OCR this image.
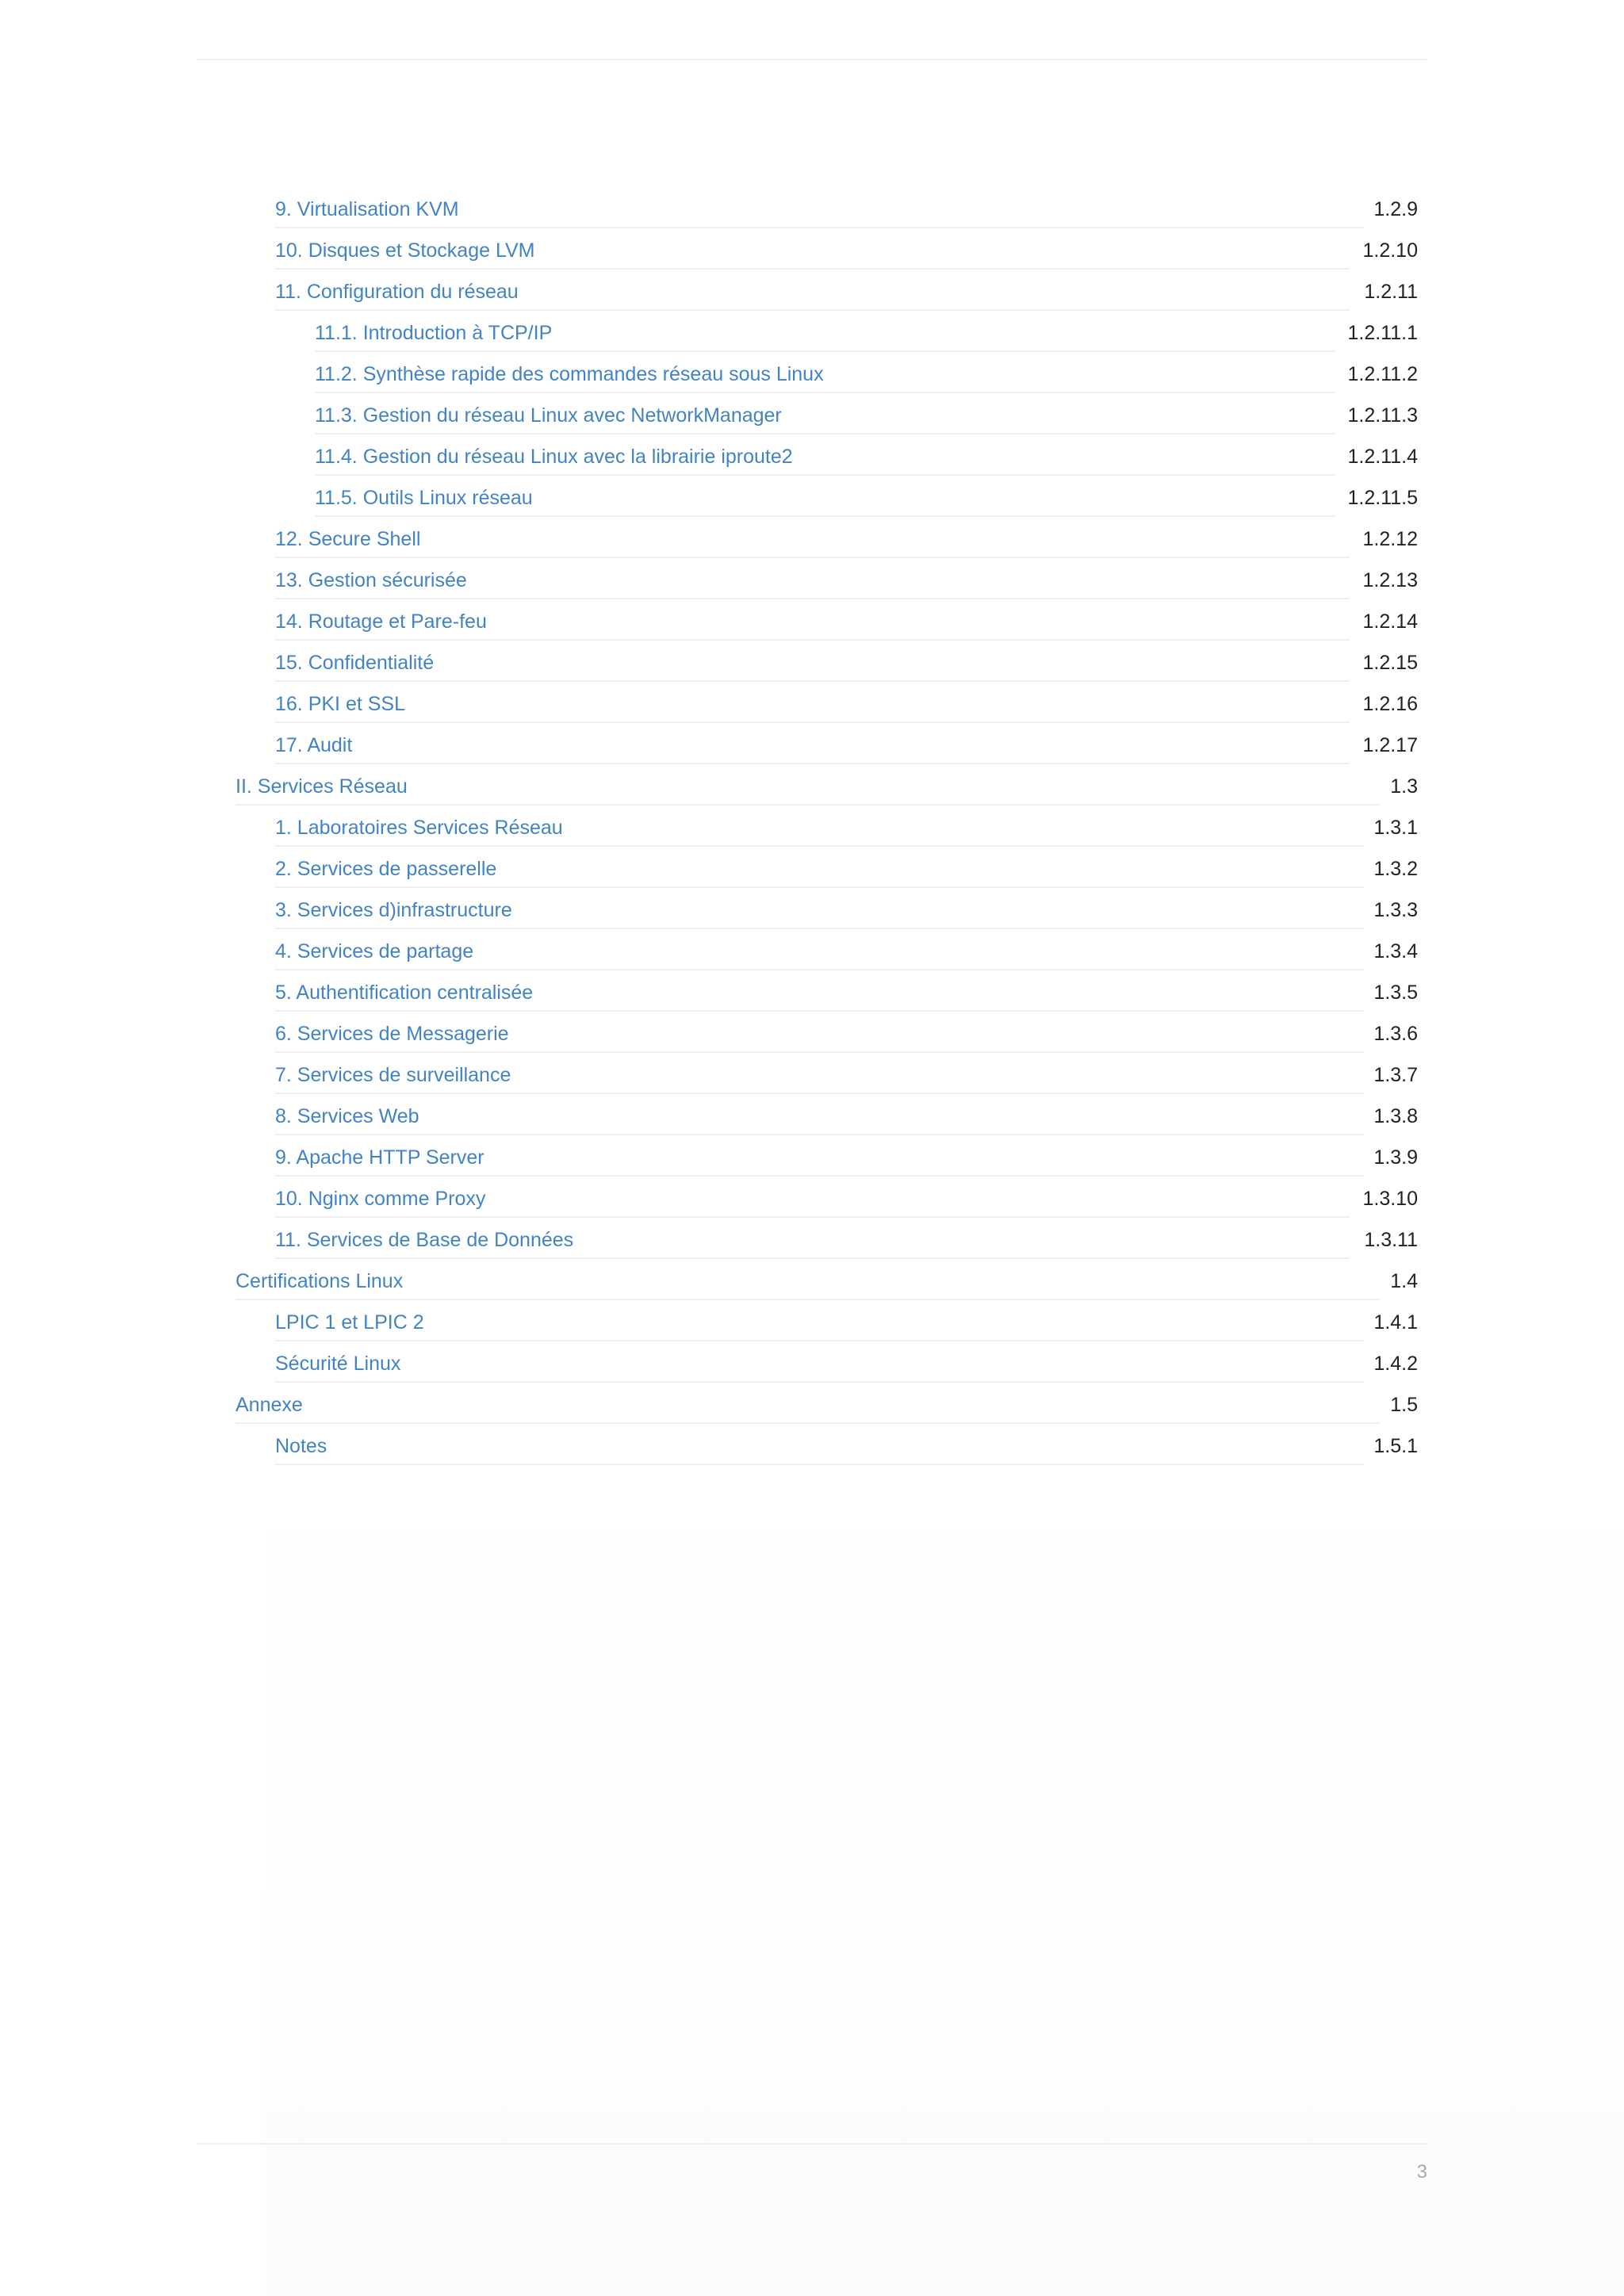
9. Virtualisation KVM	1.2.9
10. Disques et Stockage LVM	1.2.10
11. Configuration du réseau	1.2.11
11.1. Introduction à TCP/IP	1.2.11.1
11.2. Synthèse rapide des commandes réseau sous Linux	1.2.11.2
11.3. Gestion du réseau Linux avec NetworkManager	1.2.11.3
11.4. Gestion du réseau Linux avec la librairie iproute2	1.2.11.4
11.5. Outils Linux réseau	1.2.11.5
12. Secure Shell	1.2.12
13. Gestion sécurisée	1.2.13
14. Routage et Pare-feu	1.2.14
15. Confidentialité	1.2.15
16. PKI et SSL	1.2.16
17. Audit	1.2.17
II. Services Réseau	1.3
1. Laboratoires Services Réseau	1.3.1
2. Services de passerelle	1.3.2
3. Services d)infrastructure	1.3.3
4. Services de partage	1.3.4
5. Authentification centralisée	1.3.5
6. Services de Messagerie	1.3.6
7. Services de surveillance	1.3.7
8. Services Web	1.3.8
9. Apache HTTP Server	1.3.9
10. Nginx comme Proxy	1.3.10
11. Services de Base de Données	1.3.11
Certifications Linux	1.4
LPIC 1 et LPIC 2	1.4.1
Sécurité Linux	1.4.2
Annexe	1.5
Notes	1.5.1
3
